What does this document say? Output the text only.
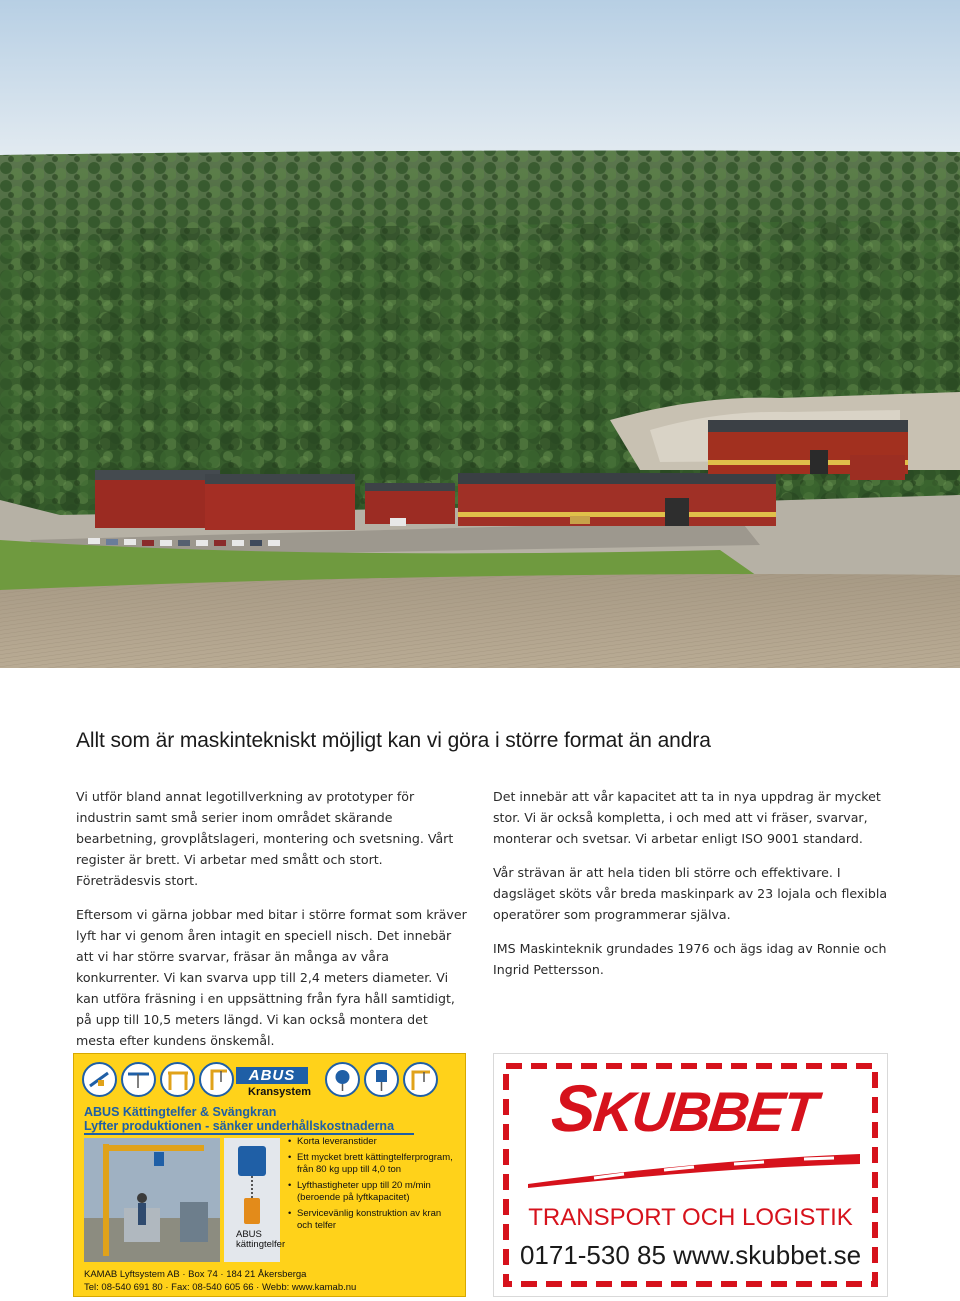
Allt som är maskintekniskt möjligt kan vi göra i större format än andra

Vi utför bland annat legotillverkning av prototyper för industrin samt små serier inom området skärande bearbetning, grovplåtslageri, montering och svetsning. Vårt register är brett. Vi arbetar med smått och stort. Företrädesvis stort.

Eftersom vi gärna jobbar med bitar i större format som kräver lyft har vi genom åren intagit en speciell nisch. Det innebär att vi har större svarvar, fräsar än många av våra konkurrenter. Vi kan svarva upp till 2,4 meters diameter. Vi kan utföra fräsning i en uppsättning från fyra håll samtidigt, på upp till 10,5 meters längd. Vi kan också montera det mesta efter kundens önskemål.

Det innebär att vår kapacitet att ta in nya uppdrag är mycket stor. Vi är också kompletta, i och med att vi fräser, svarvar, monterar och svetsar. Vi arbetar enligt ISO 9001 standard.

Vår strävan är att hela tiden bli större och effektivare. I dagsläget sköts vår breda maskinpark av 23 lojala och flexibla operatörer som programmerar själva.

IMS Maskinteknik grundades 1976 och ägs idag av Ronnie och Ingrid Pettersson.

ABUS
Kransystem
ABUS Kättingtelfer & Svängkran
Lyfter produktionen - sänker underhållskostnaderna
ABUS kättingtelfer
• Korta leveranstider
• Ett mycket brett kättingtelferprogram, från 80 kg upp till 4,0 ton
• Lyfthastigheter upp till 20 m/min (beroende på lyftkapacitet)
• Servicevänlig konstruktion av kran och telfer
KAMAB Lyftsystem AB · Box 74 · 184 21 Åkersberga
Tel: 08-540 691 80 · Fax: 08-540 605 66 · Webb: www.kamab.nu
SKUBBET
TRANSPORT OCH LOGISTIK
0171-530 85 www.skubbet.se
